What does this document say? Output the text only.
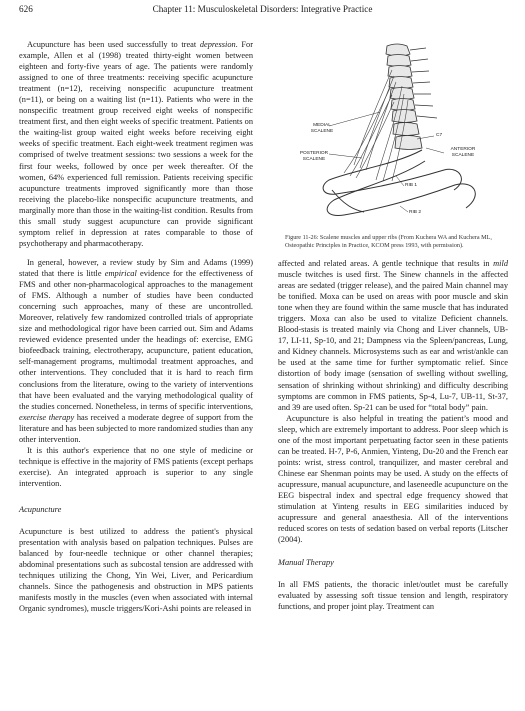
626	Chapter 11: Musculoskeletal Disorders: Integrative Practice

Acupuncture has been used successfully to treat depression. For example, Allen et al (1998) treated thirty-eight women between eighteen and forty-five years of age. The patients were randomly assigned to one of three treatments: receiving specific acupuncture treatment (n=12), receiving nonspecific acupuncture treatment (n=11), or being on a waiting list (n=11). Patients who were in the nonspecific treatment group received eight weeks of nonspecific treatment first, and then eight weeks of specific treatment. Patients on the waiting-list group waited eight weeks before receiving eight weeks of specific treatment. Each eight-week treatment regimen was comprised of twelve treatment sessions: two sessions a week for the first four weeks, followed by once per week thereafter. Of the women, 64% experienced full remission. Patients receiving specific acupuncture treatments improved significantly more than those receiving the placebo-like nonspecific acupuncture treatments, and marginally more than those in the waiting-list condition. Results from this small study suggest acupuncture can provide significant symptom relief in depression at rates comparable to those of psychotherapy and pharmacotherapy.

In general, however, a review study by Sim and Adams (1999) stated that there is little empirical evidence for the effectiveness of FMS and other non-pharmacological approaches to the management of FMS. Although a number of studies have been conducted concerning such approaches, many of these are uncontrolled. Moreover, relatively few randomized controlled trials of appropriate size and methodological rigor have been carried out. Sim and Adams reviewed evidence presented under the headings of: exercise, EMG biofeedback training, electrotherapy, acupuncture, patient education, self-management programs, multimodal treatment approaches, and other interventions. They concluded that it is hard to reach firm conclusions from the literature, owing to the variety of interventions that have been evaluated and the varying methodological quality of the studies concerned. Nonetheless, in terms of specific interventions, exercise therapy has received a moderate degree of support from the literature and has been subjected to more randomized studies than any other intervention.

It is this author's experience that no one style of medicine or technique is effective in the majority of FMS patients (except perhaps exercise). An integrated approach is superior to any single intervention.

Acupuncture

Acupuncture is best utilized to address the patient's physical presentation with analysis based on palpation techniques. Pulses are balanced by four-needle technique or other channel therapies; abdominal presentations such as subcostal tension are addressed with techniques utilizing the Chong, Yin Wei, Liver, and Pericardium channels. Since the pathogenesis and obstruction in MPS patients manifests mostly in the muscles (even when associated with internal Organic syndromes), muscle triggers/Kori-Ashi points are released in

MEDIAL SCALENE
POSTERIOR SCALENE
C7
ANTERIOR SCALENE
RIB 1
RIB 2
Figure 11-26: Scalene muscles and upper ribs (From Kuchera WA and Kuchera ML, Osteopathic Principles in Practice, KCOM press 1993, with permission).

affected and related areas. A gentle technique that results in mild muscle twitches is used first. The Sinew channels in the affected areas are sedated (trigger release), and the paired Main channel may be tonified. Moxa can be used on areas with poor muscle and skin tone when they are found within the same muscle that has indurated triggers. Moxa can also be used to vitalize Deficient channels. Blood-stasis is treated mainly via Chong and Liver channels, UB-17, LI-11, Sp-10, and 21; Dampness via the Spleen/pancreas, Lung, and Kidney channels. Microsystems such as ear and wrist/ankle can be used at the same time for further symptomatic relief. Since distortion of body image (sensation of swelling without swelling, sensation of shrinking without shrinking) and difficulty describing symptoms are common in FMS patients, Sp-4, Lu-7, UB-11, St-37, and 39 are used often. Sp-21 can be used for “total body” pain.

Acupuncture is also helpful in treating the patient’s mood and sleep, which are extremely important to address. Poor sleep which is one of the most important perpetuating factor seen in these patients can be treated. H-7, P-6, Anmien, Yinteng, Du-20 and the French ear points: wrist, stress control, tranquilizer, and master cerebral and Chinese ear Shenman points may be used. A study on the effects of acupressure, manual acupuncture, and laseneedle acupuncture on the EEG bispectral index and spectral edge frequency showed that stimulation at Yinteng results in EEG similarities induced by acupressure and general anaesthesia. All of the interventions reduced scores on tests of sedation based on verbal reports (Litscher (2004).

Manual Therapy

In all FMS patients, the thoracic inlet/outlet must be carefully evaluated by assessing soft tissue tension and length, respiratory functions, and proper joint play. Treatment can
